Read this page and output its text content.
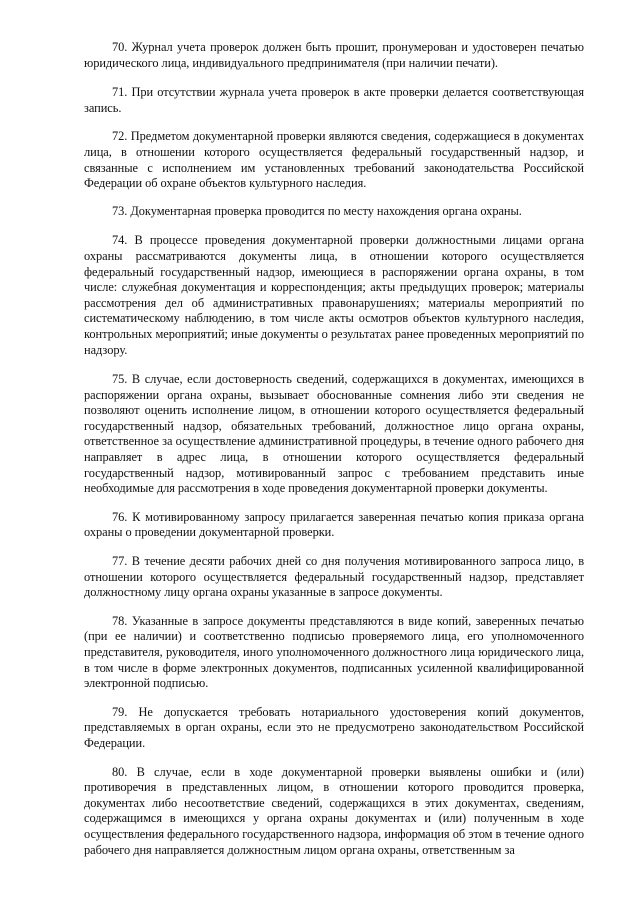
70. Журнал учета проверок должен быть прошит, пронумерован и удостоверен печатью юридического лица, индивидуального предпринимателя (при наличии печати).

71. При отсутствии журнала учета проверок в акте проверки делается соответствующая запись.

72. Предметом документарной проверки являются сведения, содержащиеся в документах лица, в отношении которого осуществляется федеральный государственный надзор, и связанные с исполнением им установленных требований законодательства Российской Федерации об охране объектов культурного наследия.

73. Документарная проверка проводится по месту нахождения органа охраны.

74. В процессе проведения документарной проверки должностными лицами органа охраны рассматриваются документы лица, в отношении которого осуществляется федеральный государственный надзор, имеющиеся в распоряжении органа охраны, в том числе: служебная документация и корреспонденция; акты предыдущих проверок; материалы рассмотрения дел об административных правонарушениях; материалы мероприятий по систематическому наблюдению, в том числе акты осмотров объектов культурного наследия, контрольных мероприятий; иные документы о результатах ранее проведенных мероприятий по надзору.

75. В случае, если достоверность сведений, содержащихся в документах, имеющихся в распоряжении органа охраны, вызывает обоснованные сомнения либо эти сведения не позволяют оценить исполнение лицом, в отношении которого осуществляется федеральный государственный надзор, обязательных требований, должностное лицо органа охраны, ответственное за осуществление административной процедуры, в течение одного рабочего дня направляет в адрес лица, в отношении которого осуществляется федеральный государственный надзор, мотивированный запрос с требованием представить иные необходимые для рассмотрения в ходе проведения документарной проверки документы.

76. К мотивированному запросу прилагается заверенная печатью копия приказа органа охраны о проведении документарной проверки.

77. В течение десяти рабочих дней со дня получения мотивированного запроса лицо, в отношении которого осуществляется федеральный государственный надзор, представляет должностному лицу органа охраны указанные в запросе документы.

78. Указанные в запросе документы представляются в виде копий, заверенных печатью (при ее наличии) и соответственно подписью проверяемого лица, его уполномоченного представителя, руководителя, иного уполномоченного должностного лица юридического лица, в том числе в форме электронных документов, подписанных усиленной квалифицированной электронной подписью.

79. Не допускается требовать нотариального удостоверения копий документов, представляемых в орган охраны, если это не предусмотрено законодательством Российской Федерации.

80. В случае, если в ходе документарной проверки выявлены ошибки и (или) противоречия в представленных лицом, в отношении которого проводится проверка, документах либо несоответствие сведений, содержащихся в этих документах, сведениям, содержащимся в имеющихся у органа охраны документах и (или) полученным в ходе осуществления федерального государственного надзора, информация об этом в течение одного рабочего дня направляется должностным лицом органа охраны, ответственным за
